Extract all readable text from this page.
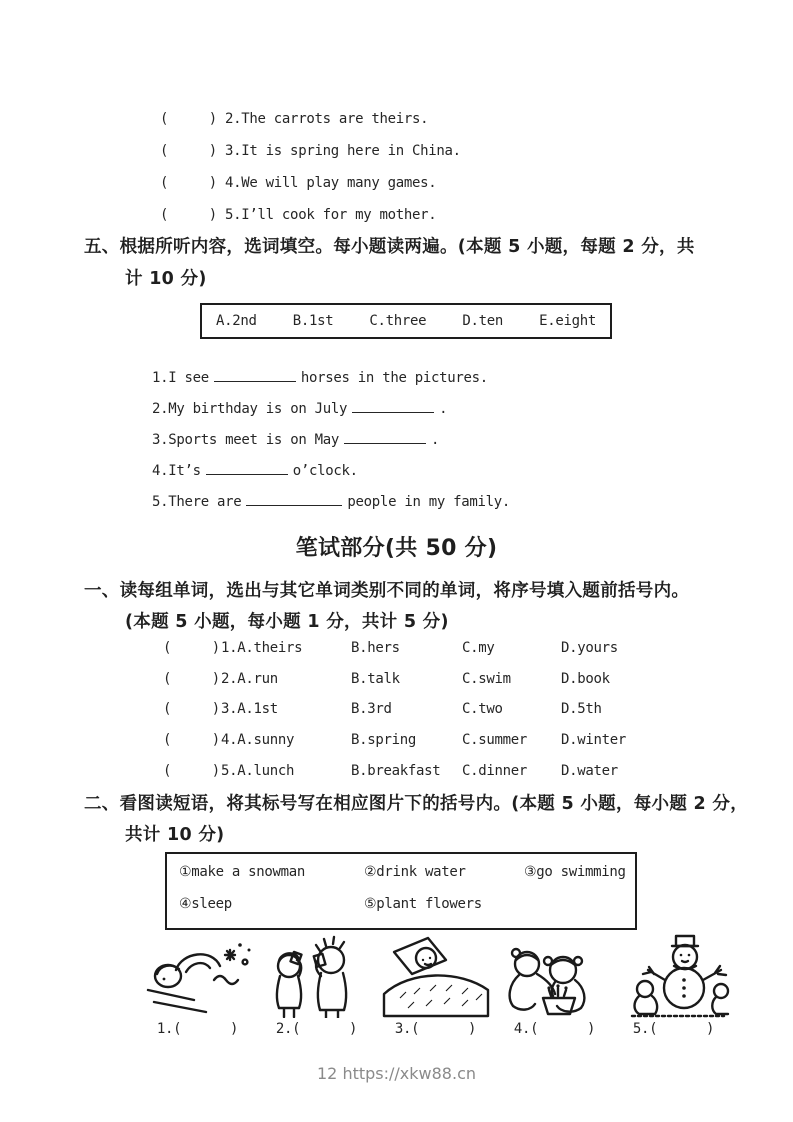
(     ) 2.The carrots are theirs.
(     ) 3.It is spring here in China.
(     ) 4.We will play many games.
(     ) 5.I’ll cook for my mother.
五、根据所听内容，选词填空。每小题读两遍。(本题 5 小题，每题 2 分，共
计 10 分)
A.2nd	B.1st	C.three	D.ten	E.eight
1.I see	horses in the pictures.
2.My birthday is on July	.
3.Sports meet is on May	.
4.It’s	o’clock.
5.There are	people in my family.
笔试部分(共 50 分)
一、读每组单词，选出与其它单词类别不同的单词，将序号填入题前括号内。
(本题 5 小题，每小题 1 分，共计 5 分)
(     ) 1.A.theirs	B.hers	C.my	D.yours
(     ) 2.A.run	B.talk	C.swim	D.book
(     ) 3.A.1st	B.3rd	C.two	D.5th
(     ) 4.A.sunny	B.spring	C.summer	D.winter
(     ) 5.A.lunch	B.breakfast	C.dinner	D.water
二、看图读短语，将其标号写在相应图片下的括号内。(本题 5 小题，每小题 2 分，
共计 10 分)
①make a snowman	②drink water	③go swimming
④sleep	⑤plant flowers
1.(      )	2.(      )	3.(      )	4.(      )	5.(      )
12 https://xkw88.cn
